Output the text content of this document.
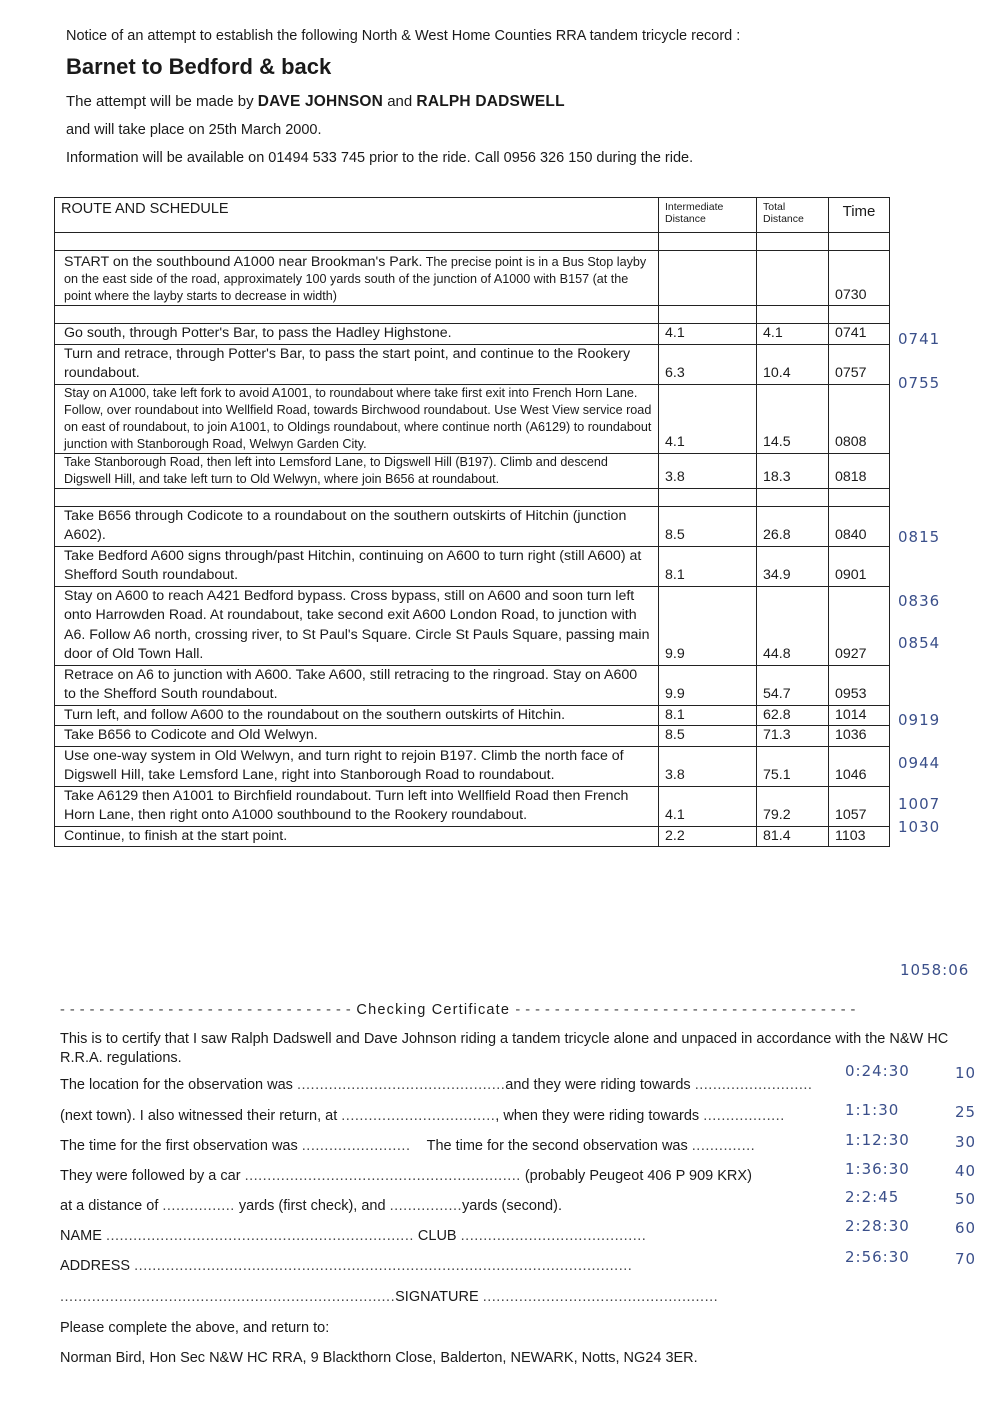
Notice of an attempt to establish the following North & West Home Counties RRA tandem tricycle record :
Barnet to Bedford & back
The attempt will be made by DAVE JOHNSON and RALPH DADSWELL
and will take place on 25th March 2000.
Information will be available on 01494 533 745 prior to the ride. Call 0956 326 150 during the ride.
ROUTE AND SCHEDULE	Intermediate Distance	Total Distance	Time

START on the southbound A1000 near Brookman's Park. The precise point is in a Bus Stop layby on the east side of the road, approximately 100 yards south of the junction of A1000 with B157 (at the point where the layby starts to decrease in width)			0730

Go south, through Potter's Bar, to pass the Hadley Highstone.	4.1	4.1	0741
Turn and retrace, through Potter's Bar, to pass the start point, and continue to the Rookery roundabout.	6.3	10.4	0757
Stay on A1000, take left fork to avoid A1001, to roundabout where take first exit into French Horn Lane. Follow, over roundabout into Wellfield Road, towards Birchwood roundabout. Use West View service road on east of roundabout, to join A1001, to Oldings roundabout, where continue north (A6129) to roundabout junction with Stanborough Road, Welwyn Garden City.	4.1	14.5	0808
Take Stanborough Road, then left into Lemsford Lane, to Digswell Hill (B197). Climb and descend Digswell Hill, and take left turn to Old Welwyn, where join B656 at roundabout.	3.8	18.3	0818

Take B656 through Codicote to a roundabout on the southern outskirts of Hitchin (junction A602).	8.5	26.8	0840
Take Bedford A600 signs through/past Hitchin, continuing on A600 to turn right (still A600) at Shefford South roundabout.	8.1	34.9	0901
Stay on A600 to reach A421 Bedford bypass. Cross bypass, still on A600 and soon turn left onto Harrowden Road. At roundabout, take second exit A600 London Road, to junction with A6. Follow A6 north, crossing river, to St Paul's Square. Circle St Pauls Square, passing main door of Old Town Hall.	9.9	44.8	0927
Retrace on A6 to junction with A600. Take A600, still retracing to the ringroad. Stay on A600 to the Shefford South roundabout.	9.9	54.7	0953
Turn left, and follow A600 to the roundabout on the southern outskirts of Hitchin.	8.1	62.8	1014
Take B656 to Codicote and Old Welwyn.	8.5	71.3	1036
Use one-way system in Old Welwyn, and turn right to rejoin B197. Climb the north face of Digswell Hill, take Lemsford Lane, right into Stanborough Road to roundabout.	3.8	75.1	1046
Take A6129 then A1001 to Birchfield roundabout. Turn left into Wellfield Road then French Horn Lane, then right onto A1000 southbound to the Rookery roundabout.	4.1	79.2	1057
Continue, to finish at the start point.	2.2	81.4	1103
- - - - - - - - - - - - - - - - - - - - - - - - - - - - - - Checking Certificate - - - - - - - - - - - - - - - - - - - - - - - - - - - - - - - - - - -
This is to certify that I saw Ralph Dadswell and Dave Johnson riding a tandem tricycle alone and unpaced in accordance with the N&W HC R.R.A. regulations.
The location for the observation was ..............................................and they were riding towards ..........................
(next town). I also witnessed their return, at .................................., when they were riding towards ..................
The time for the first observation was ........................ The time for the second observation was ..............
They were followed by a car ............................................................. (probably Peugeot 406 P 909 KRX)
at a distance of ................ yards (first check), and ................yards (second).
NAME .................................................................... CLUB .........................................
ADDRESS ..............................................................................................................
..........................................................................SIGNATURE ....................................................
Please complete the above, and return to:
Norman Bird, Hon Sec N&W HC RRA, 9 Blackthorn Close, Balderton, NEWARK, Notts, NG24 3ER.
0741
0755
0815
0836
0854
0919
0944
1007
1030
1058:06
0:24:30	10
1:1:30	25
1:12:30	30
1:36:30	40
2:2:45	50
2:28:30	60
2:56:30	70
